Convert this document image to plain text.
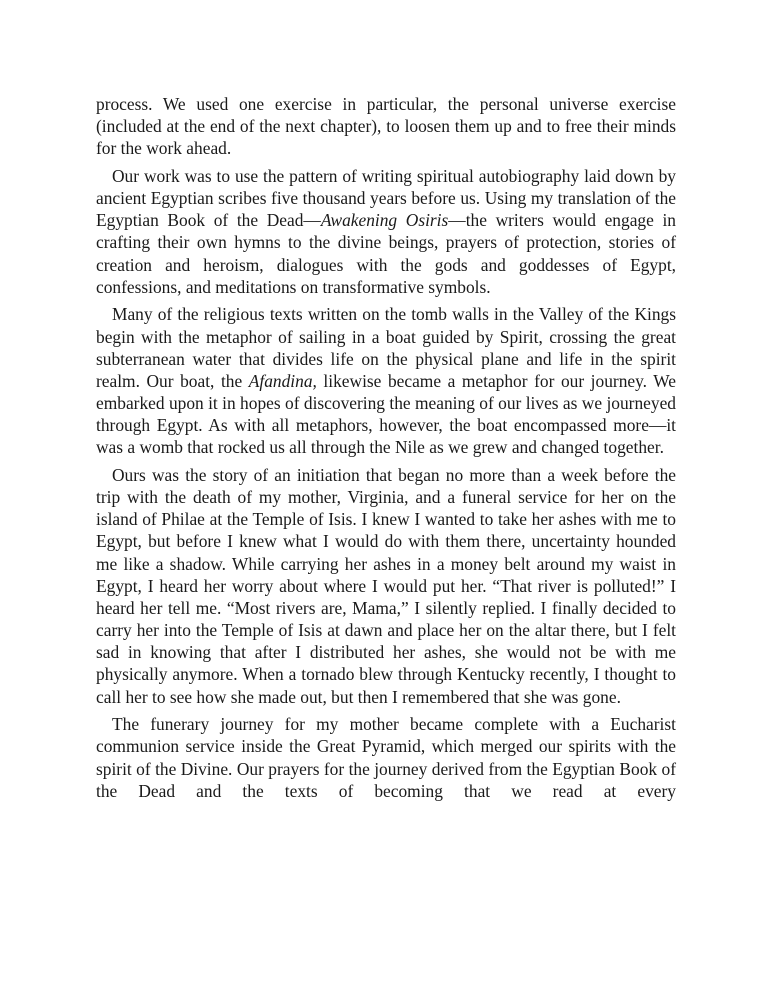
process. We used one exercise in particular, the personal universe exercise (included at the end of the next chapter), to loosen them up and to free their minds for the work ahead.

Our work was to use the pattern of writing spiritual autobiography laid down by ancient Egyptian scribes five thousand years before us. Using my translation of the Egyptian Book of the Dead—Awakening Osiris—the writers would engage in crafting their own hymns to the divine beings, prayers of protection, stories of creation and heroism, dialogues with the gods and goddesses of Egypt, confessions, and meditations on transformative symbols.

Many of the religious texts written on the tomb walls in the Valley of the Kings begin with the metaphor of sailing in a boat guided by Spirit, crossing the great subterranean water that divides life on the physical plane and life in the spirit realm. Our boat, the Afandina, likewise became a metaphor for our journey. We embarked upon it in hopes of discovering the meaning of our lives as we journeyed through Egypt. As with all metaphors, however, the boat encompassed more—it was a womb that rocked us all through the Nile as we grew and changed together.

Ours was the story of an initiation that began no more than a week before the trip with the death of my mother, Virginia, and a funeral service for her on the island of Philae at the Temple of Isis. I knew I wanted to take her ashes with me to Egypt, but before I knew what I would do with them there, uncertainty hounded me like a shadow. While carrying her ashes in a money belt around my waist in Egypt, I heard her worry about where I would put her. “That river is polluted!” I heard her tell me. “Most rivers are, Mama,” I silently replied. I finally decided to carry her into the Temple of Isis at dawn and place her on the altar there, but I felt sad in knowing that after I distributed her ashes, she would not be with me physically anymore. When a tornado blew through Kentucky recently, I thought to call her to see how she made out, but then I remembered that she was gone.

The funerary journey for my mother became complete with a Eucharist communion service inside the Great Pyramid, which merged our spirits with the spirit of the Divine. Our prayers for the journey derived from the Egyptian Book of the Dead and the texts of becoming that we read at every
